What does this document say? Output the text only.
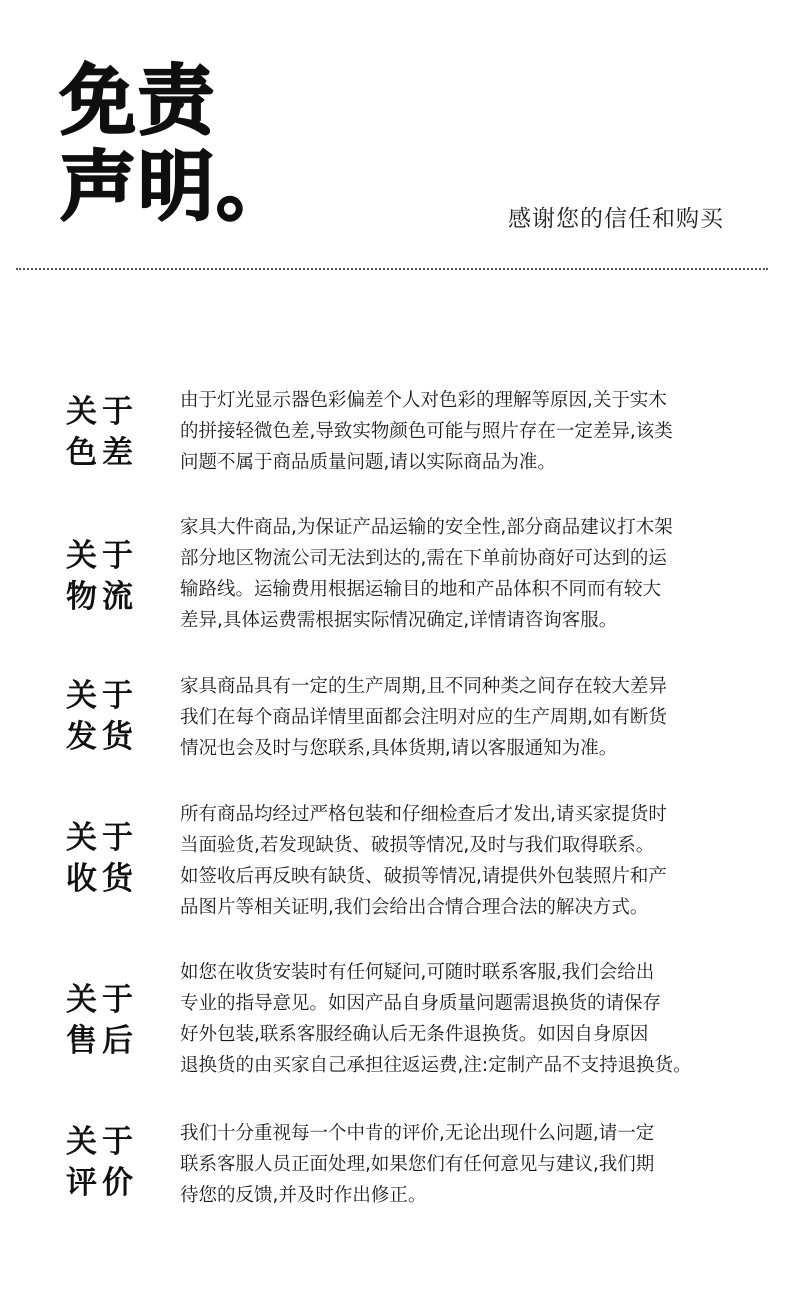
免责
声明。	感谢您的信任和购买
关于
色差
由于灯光显示器色彩偏差个人对色彩的理解等原因,关于实木
的拼接轻微色差,导致实物颜色可能与照片存在一定差异,该类
问题不属于商品质量问题,请以实际商品为准。
关于
物流
家具大件商品,为保证产品运输的安全性,部分商品建议打木架
部分地区物流公司无法到达的,需在下单前协商好可达到的运
输路线。运输费用根据运输目的地和产品体积不同而有较大
差异,具体运费需根据实际情况确定,详情请咨询客服。
关于
发货
家具商品具有一定的生产周期,且不同种类之间存在较大差异
我们在每个商品详情里面都会注明对应的生产周期,如有断货
情况也会及时与您联系,具体货期,请以客服通知为准。
关于
收货
所有商品均经过严格包装和仔细检查后才发出,请买家提货时
当面验货,若发现缺货、破损等情况,及时与我们取得联系。
如签收后再反映有缺货、破损等情况,请提供外包装照片和产
品图片等相关证明,我们会给出合情合理合法的解决方式。
关于
售后
如您在收货安装时有任何疑问,可随时联系客服,我们会给出
专业的指导意见。如因产品自身质量问题需退换货的请保存
好外包装,联系客服经确认后无条件退换货。如因自身原因
退换货的由买家自己承担往返运费,注:定制产品不支持退换货。
关于
评价
我们十分重视每一个中肯的评价,无论出现什么问题,请一定
联系客服人员正面处理,如果您们有任何意见与建议,我们期
待您的反馈,并及时作出修正。
